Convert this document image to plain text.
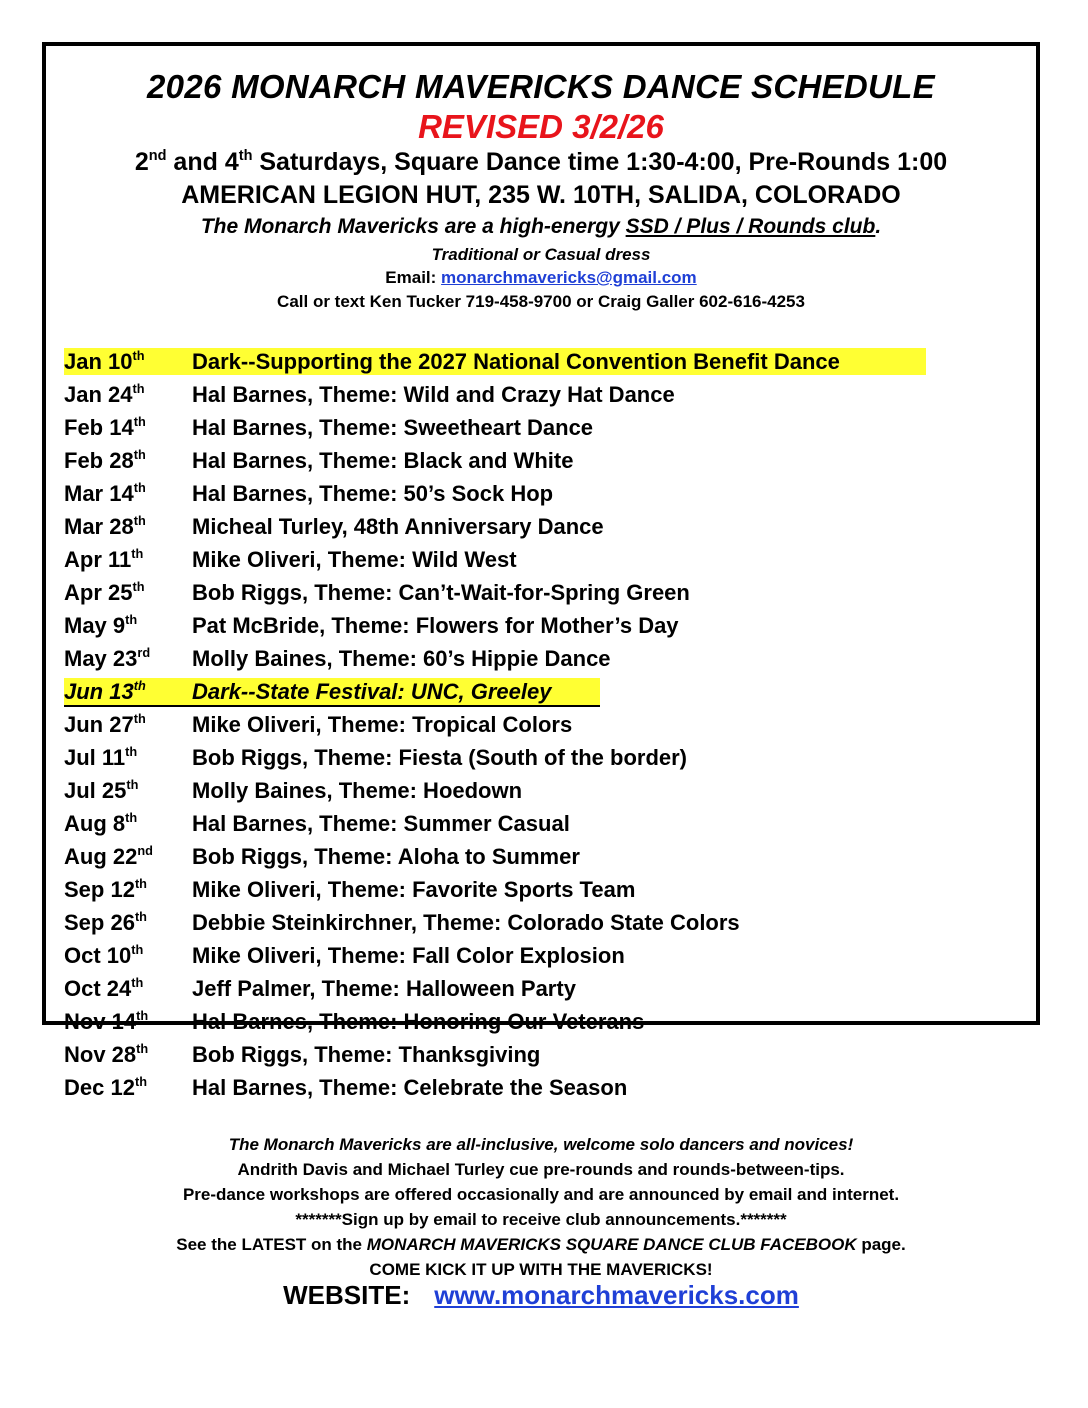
2026 MONARCH MAVERICKS DANCE SCHEDULE
REVISED 3/2/26
2nd and 4th Saturdays, Square Dance time 1:30-4:00, Pre-Rounds 1:00
AMERICAN LEGION HUT, 235 W. 10TH, SALIDA, COLORADO
The Monarch Mavericks are a high-energy SSD / Plus / Rounds club.
Traditional or Casual dress
Email: monarchmavericks@gmail.com
Call or text Ken Tucker 719-458-9700 or Craig Galler 602-616-4253
Jan 10th Dark--Supporting the 2027 National Convention Benefit Dance
Jan 24th Hal Barnes, Theme: Wild and Crazy Hat Dance
Feb 14th Hal Barnes, Theme: Sweetheart Dance
Feb 28th Hal Barnes, Theme: Black and White
Mar 14th Hal Barnes, Theme: 50’s Sock Hop
Mar 28th Micheal Turley, 48th Anniversary Dance
Apr 11th Mike Oliveri, Theme: Wild West
Apr 25th Bob Riggs, Theme: Can’t-Wait-for-Spring Green
May 9th Pat McBride, Theme: Flowers for Mother’s Day
May 23rd Molly Baines, Theme: 60’s Hippie Dance
Jun 13th Dark--State Festival: UNC, Greeley
Jun 27th Mike Oliveri, Theme: Tropical Colors
Jul 11th Bob Riggs, Theme: Fiesta (South of the border)
Jul 25th Molly Baines, Theme: Hoedown
Aug 8th Hal Barnes, Theme: Summer Casual
Aug 22nd Bob Riggs, Theme: Aloha to Summer
Sep 12th Mike Oliveri, Theme: Favorite Sports Team
Sep 26th Debbie Steinkirchner, Theme: Colorado State Colors
Oct 10th Mike Oliveri, Theme: Fall Color Explosion
Oct 24th Jeff Palmer, Theme: Halloween Party
Nov 14th Hal Barnes, Theme: Honoring Our Veterans
Nov 28th Bob Riggs, Theme: Thanksgiving
Dec 12th Hal Barnes, Theme: Celebrate the Season
The Monarch Mavericks are all-inclusive, welcome solo dancers and novices!
Andrith Davis and Michael Turley cue pre-rounds and rounds-between-tips.
Pre-dance workshops are offered occasionally and are announced by email and internet.
*******Sign up by email to receive club announcements.*******
See the LATEST on the MONARCH MAVERICKS SQUARE DANCE CLUB FACEBOOK page.
COME KICK IT UP WITH THE MAVERICKS!
WEBSITE: www.monarchmavericks.com
